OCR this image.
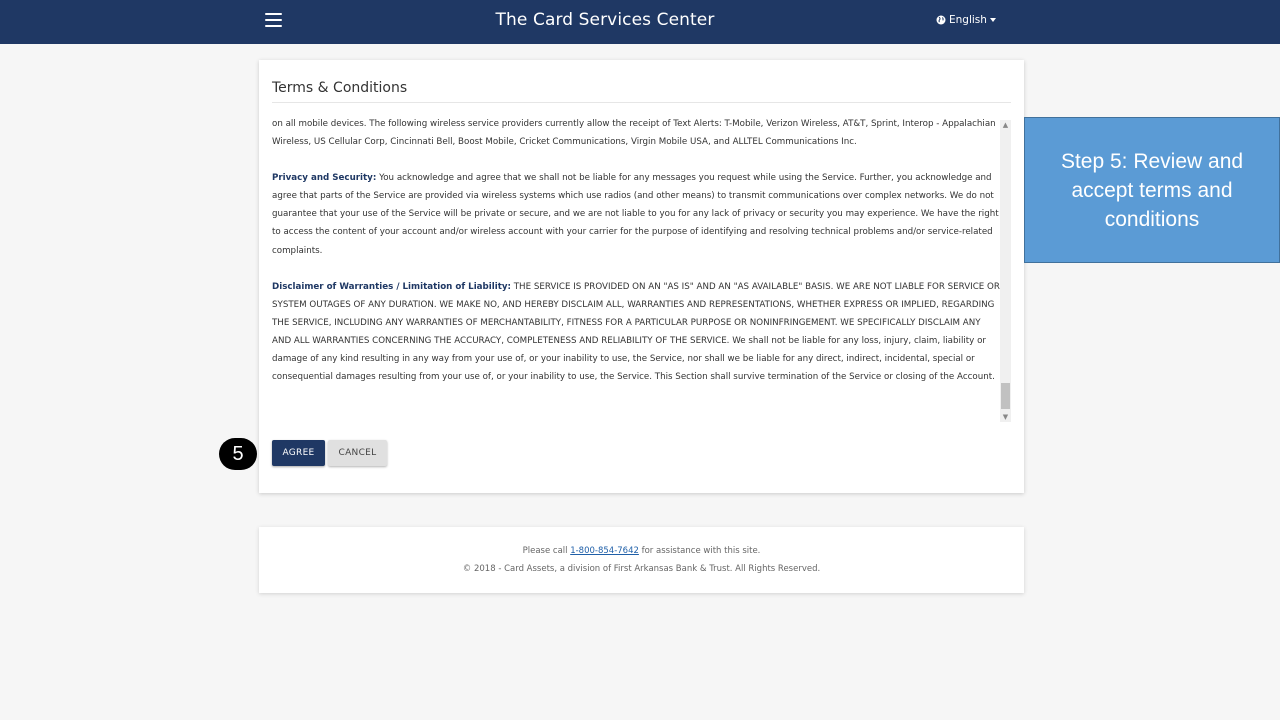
The Card Services Center	English
Terms & Conditions

on all mobile devices. The following wireless service providers currently allow the receipt of Text Alerts: T-Mobile, Verizon Wireless, AT&T, Sprint, Interop - Appalachian Wireless, US Cellular Corp, Cincinnati Bell, Boost Mobile, Cricket Communications, Virgin Mobile USA, and ALLTEL Communications Inc.

Privacy and Security: You acknowledge and agree that we shall not be liable for any messages you request while using the Service. Further, you acknowledge and agree that parts of the Service are provided via wireless systems which use radios (and other means) to transmit communications over complex networks. We do not guarantee that your use of the Service will be private or secure, and we are not liable to you for any lack of privacy or security you may experience. We have the right to access the content of your account and/or wireless account with your carrier for the purpose of identifying and resolving technical problems and/or service-related complaints.

Disclaimer of Warranties / Limitation of Liability: THE SERVICE IS PROVIDED ON AN "AS IS" AND AN "AS AVAILABLE" BASIS. WE ARE NOT LIABLE FOR SERVICE OR SYSTEM OUTAGES OF ANY DURATION. WE MAKE NO, AND HEREBY DISCLAIM ALL, WARRANTIES AND REPRESENTATIONS, WHETHER EXPRESS OR IMPLIED, REGARDING THE SERVICE, INCLUDING ANY WARRANTIES OF MERCHANTABILITY, FITNESS FOR A PARTICULAR PURPOSE OR NONINFRINGEMENT. WE SPECIFICALLY DISCLAIM ANY AND ALL WARRANTIES CONCERNING THE ACCURACY, COMPLETENESS AND RELIABILITY OF THE SERVICE. We shall not be liable for any loss, injury, claim, liability or damage of any kind resulting in any way from your use of, or your inability to use, the Service, nor shall we be liable for any direct, indirect, incidental, special or consequential damages resulting from your use of, or your inability to use, the Service. This Section shall survive termination of the Service or closing of the Account.

▲
▼
AGREE	CANCEL
5
Step 5: Review and accept terms and conditions
Please call 1-800-854-7642 for assistance with this site.
© 2018 - Card Assets, a division of First Arkansas Bank & Trust. All Rights Reserved.
